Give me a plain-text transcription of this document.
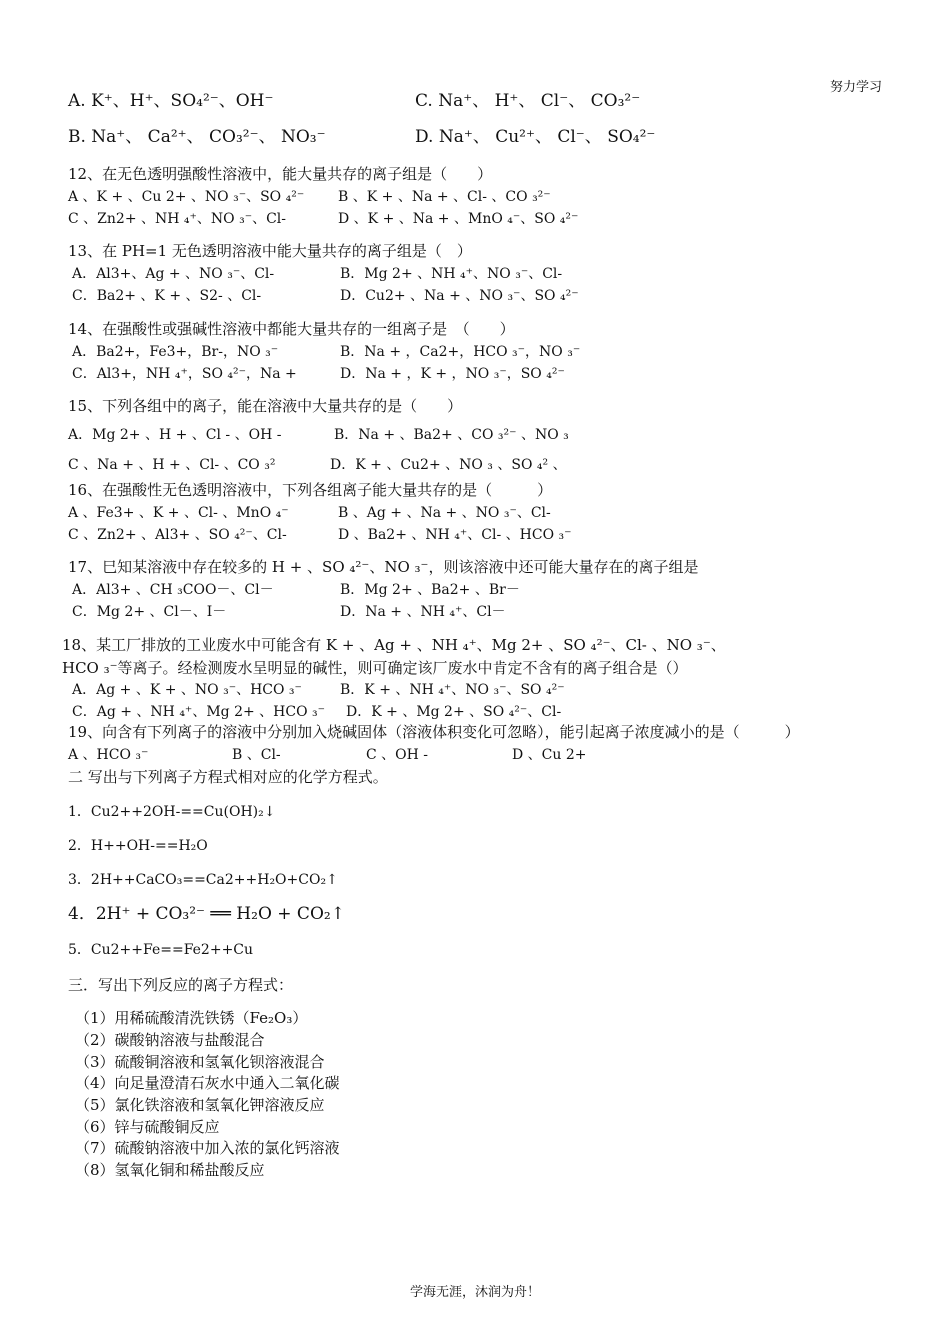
努力学习
A. K⁺、H⁺、SO₄²⁻、OH⁻	C. Na⁺、 H⁺、 Cl⁻、 CO₃²⁻
B. Na⁺、 Ca²⁺、 CO₃²⁻、 NO₃⁻	D. Na⁺、 Cu²⁺、 Cl⁻、 SO₄²⁻
12、在无色透明强酸性溶液中，能大量共存的离子组是（　　）
A 、K + 、Cu 2+ 、NO ₃⁻、SO ₄²⁻ B 、K + 、Na + 、Cl- 、CO ₃²⁻
C 、Zn2+ 、NH ₄⁺、NO ₃⁻、Cl-	D 、K + 、Na + 、MnO ₄⁻、SO ₄²⁻
13、在 PH=1 无色透明溶液中能大量共存的离子组是（　）
A．Al3+、Ag + 、NO ₃⁻、Cl-	B．Mg 2+ 、NH ₄⁺、NO ₃⁻、Cl-
C．Ba2+ 、K + 、S2- 、Cl-	D．Cu2+ 、Na + 、NO ₃⁻、SO ₄²⁻
14、在强酸性或强碱性溶液中都能大量共存的一组离子是　（　　）
A．Ba2+，Fe3+，Br-，NO ₃⁻	B．Na + ，Ca2+，HCO ₃⁻，NO ₃⁻
C．Al3+，NH ₄⁺，SO ₄²⁻，Na +	D．Na + ，K + ，NO ₃⁻，SO ₄²⁻
15、下列各组中的离子，能在溶液中大量共存的是（　　）
A．Mg 2+ 、H + 、Cl - 、OH -	B．Na + 、Ba2+ 、CO ₃²⁻ 、NO ₃
C 、Na + 、H + 、Cl- 、CO ₃²	D．K + 、Cu2+ 、NO ₃ 、SO ₄² 、
16、在强酸性无色透明溶液中，下列各组离子能大量共存的是（　　　）
A 、Fe3+ 、K + 、Cl- 、MnO ₄⁻	B 、Ag + 、Na + 、NO ₃⁻、Cl-
C 、Zn2+ 、Al3+ 、SO ₄²⁻、Cl-	D 、Ba2+ 、NH ₄⁺、Cl- 、HCO ₃⁻
17、巳知某溶液中存在较多的 H + 、SO ₄²⁻、NO ₃⁻，则该溶液中还可能大量存在的离子组是
A．Al3+ 、CH ₃COO－、Cl－	B．Mg 2+ 、Ba2+ 、Br－
C．Mg 2+ 、Cl－、I－	D．Na + 、NH ₄⁺、Cl－
18、某工厂排放的工业废水中可能含有 K + 、Ag + 、NH ₄⁺、Mg 2+ 、SO ₄²⁻、Cl- 、NO ₃⁻、
HCO ₃⁻等离子。经检测废水呈明显的碱性，则可确定该厂废水中肯定不含有的离子组合是（）
A．Ag + 、K + 、NO ₃⁻、HCO ₃⁻	B．K + 、NH ₄⁺、NO ₃⁻、SO ₄²⁻
C．Ag + 、NH ₄⁺、Mg 2+ 、HCO ₃⁻ D．K + 、Mg 2+ 、SO ₄²⁻、Cl-
19、向含有下列离子的溶液中分别加入烧碱固体（溶液体积变化可忽略），能引起离子浓度减小的是（　　　）
A 、HCO ₃⁻	B 、Cl-	C 、OH -	D 、Cu 2+
二 写出与下列离子方程式相对应的化学方程式。
1．Cu2++2OH-==Cu(OH)₂↓
2．H++OH-==H₂O
3．2H++CaCO₃==Ca2++H₂O+CO₂↑
4．2H⁺ + CO₃²⁻ ══ H₂O + CO₂↑
5．Cu2++Fe==Fe2++Cu
三．写出下列反应的离子方程式：
（1）用稀硫酸清洗铁锈（Fe₂O₃）
（2）碳酸钠溶液与盐酸混合
（3）硫酸铜溶液和氢氧化钡溶液混合
（4）向足量澄清石灰水中通入二氧化碳
（5）氯化铁溶液和氢氧化钾溶液反应
（6）锌与硫酸铜反应
（7）硫酸钠溶液中加入浓的氯化钙溶液
（8）氢氧化铜和稀盐酸反应
学海无涯，沐润为舟！
